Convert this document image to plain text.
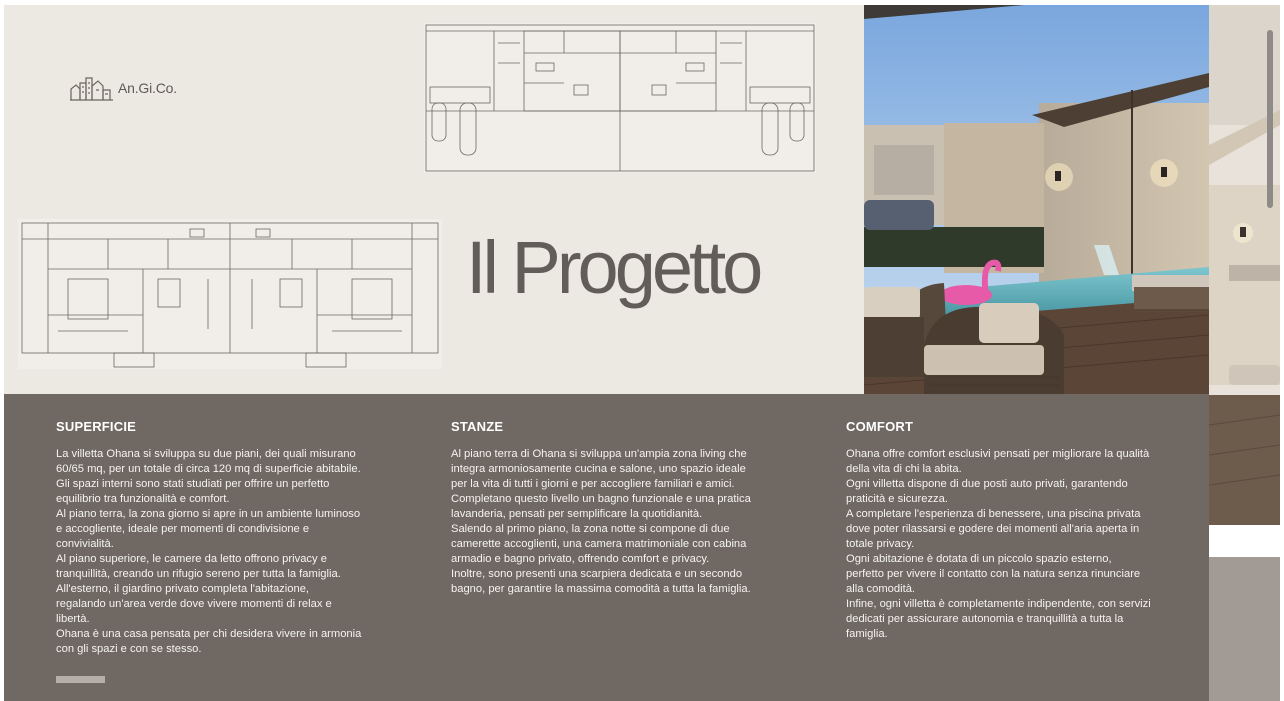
An.Gi.Co.
Il Progetto
SUPERFICIE

La villetta Ohana si sviluppa su due piani, dei quali misurano
60/65 mq, per un totale di circa 120 mq di superficie abitabile.
Gli spazi interni sono stati studiati per offrire un perfetto
equilibrio tra funzionalità e comfort.
Al piano terra, la zona giorno si apre in un ambiente luminoso
e accogliente, ideale per momenti di condivisione e
convivialità.
Al piano superiore, le camere da letto offrono privacy e
tranquillità, creando un rifugio sereno per tutta la famiglia.
All'esterno, il giardino privato completa l'abitazione,
regalando un'area verde dove vivere momenti di relax e
libertà.
Ohana è una casa pensata per chi desidera vivere in armonia
con gli spazi e con se stesso.

STANZE

Al piano terra di Ohana si sviluppa un'ampia zona living che
integra armoniosamente cucina e salone, uno spazio ideale
per la vita di tutti i giorni e per accogliere familiari e amici.
Completano questo livello un bagno funzionale e una pratica
lavanderia, pensati per semplificare la quotidianità.
Salendo al primo piano, la zona notte si compone di due
camerette accoglienti, una camera matrimoniale con cabina
armadio e bagno privato, offrendo comfort e privacy.
Inoltre, sono presenti una scarpiera dedicata e un secondo
bagno, per garantire la massima comodità a tutta la famiglia.

COMFORT

Ohana offre comfort esclusivi pensati per migliorare la qualità
della vita di chi la abita.
Ogni villetta dispone di due posti auto privati, garantendo
praticità e sicurezza.
A completare l'esperienza di benessere, una piscina privata
dove poter rilassarsi e godere dei momenti all'aria aperta in
totale privacy.
Ogni abitazione è dotata di un piccolo spazio esterno,
perfetto per vivere il contatto con la natura senza rinunciare
alla comodità.
Infine, ogni villetta è completamente indipendente, con servizi
dedicati per assicurare autonomia e tranquillità a tutta la
famiglia.
